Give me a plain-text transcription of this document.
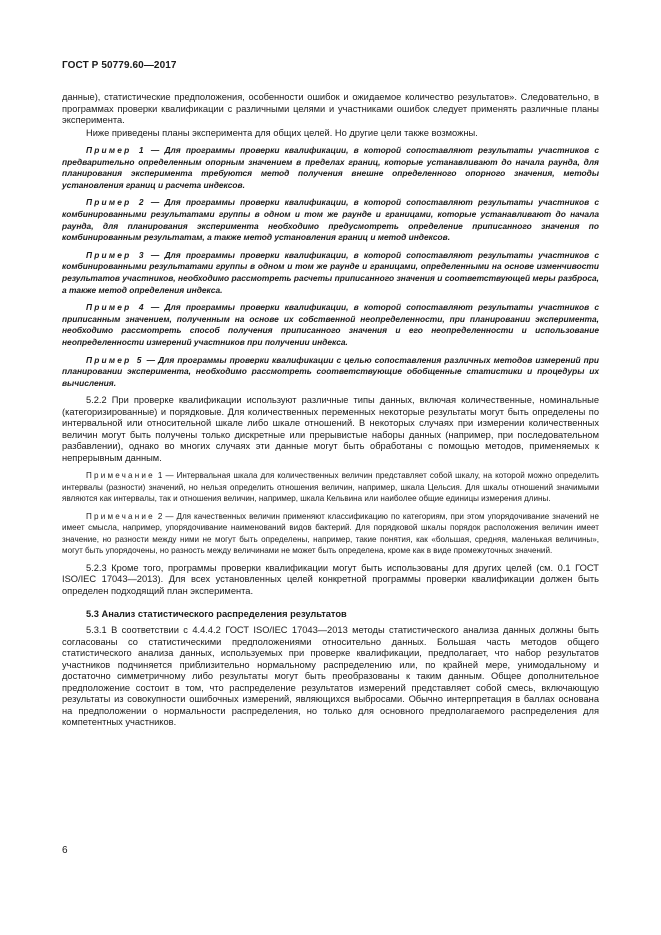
ГОСТ Р 50779.60—2017

данные), статистические предположения, особенности ошибок и ожидаемое количество результатов». Следовательно, в программах проверки квалификации с различными целями и участниками ошибок следует применять различные планы эксперимента.

Ниже приведены планы эксперимента для общих целей. Но другие цели также возможны.

Пример 1 — Для программы проверки квалификации, в которой сопоставляют результаты участников с предварительно определенным опорным значением в пределах границ, которые устанавливают до начала раунда, для планирования эксперимента требуются метод получения внешне определенного опорного значения, методы установления границ и расчета индексов.

Пример 2 — Для программы проверки квалификации, в которой сопоставляют результаты участников с комбинированными результатами группы в одном и том же раунде и границами, которые устанавливают до начала раунда, для планирования эксперимента необходимо предусмотреть определение приписанного значения по комбинированным результатам, а также метод установления границ и метод индексов.

Пример 3 — Для программы проверки квалификации, в которой сопоставляют результаты участников с комбинированными результатами группы в одном и том же раунде и границами, определенными на основе изменчивости результатов участников, необходимо рассмотреть расчеты приписанного значения и соответствующей меры разброса, а также метод определения индекса.

Пример 4 — Для программы проверки квалификации, в которой сопоставляют результаты участников с приписанным значением, полученным на основе их собственной неопределенности, при планировании эксперимента, необходимо рассмотреть способ получения приписанного значения и его неопределенности и использование неопределенности измерений участников при получении индекса.

Пример 5 — Для программы проверки квалификации с целью сопоставления различных методов измерений при планировании эксперимента, необходимо рассмотреть соответствующие обобщенные статистики и процедуры их вычисления.

5.2.2 При проверке квалификации используют различные типы данных, включая количественные, номинальные (категоризированные) и порядковые. Для количественных переменных некоторые результаты могут быть определены по интервальной или относительной шкале либо шкале отношений. В некоторых случаях при измерении количественных величин могут быть получены только дискретные или прерывистые наборы данных (например, при последовательном разбавлении), однако во многих случаях эти данные могут быть обработаны с помощью методов, применяемых к непрерывным данным.

Примечание 1 — Интервальная шкала для количественных величин представляет собой шкалу, на которой можно определить интервалы (разности) значений, но нельзя определить отношения величин, например, шкала Цельсия. Для шкалы отношений значимыми являются как интервалы, так и отношения величин, например, шкала Кельвина или наиболее общие единицы измерения длины.

Примечание 2 — Для качественных величин применяют классификацию по категориям, при этом упорядочивание значений не имеет смысла, например, упорядочивание наименований видов бактерий. Для порядковой шкалы порядок расположения величин имеет значение, но разности между ними не могут быть определены, например, такие понятия, как «большая, средняя, маленькая величины», могут быть упорядочены, но разность между величинами не может быть определена, кроме как в виде промежуточных значений.

5.2.3 Кроме того, программы проверки квалификации могут быть использованы для других целей (см. 0.1 ГОСТ ISO/IEC 17043—2013). Для всех установленных целей конкретной программы проверки квалификации должен быть определен подходящий план эксперимента.

5.3 Анализ статистического распределения результатов

5.3.1 В соответствии с 4.4.4.2 ГОСТ ISO/IEC 17043—2013 методы статистического анализа данных должны быть согласованы со статистическими предположениями относительно данных. Большая часть методов общего статистического анализа данных, используемых при проверке квалификации, предполагает, что набор результатов участников подчиняется приблизительно нормальному распределению или, по крайней мере, унимодальному и достаточно симметричному либо результаты могут быть преобразованы к таким данным. Общее дополнительное предположение состоит в том, что распределение результатов измерений представляет собой смесь, включающую результаты из совокупности ошибочных измерений, являющихся выбросами. Обычно интерпретация в баллах основана на предположении о нормальности распределения, но только для основного предполагаемого распределения для компетентных участников.

6
